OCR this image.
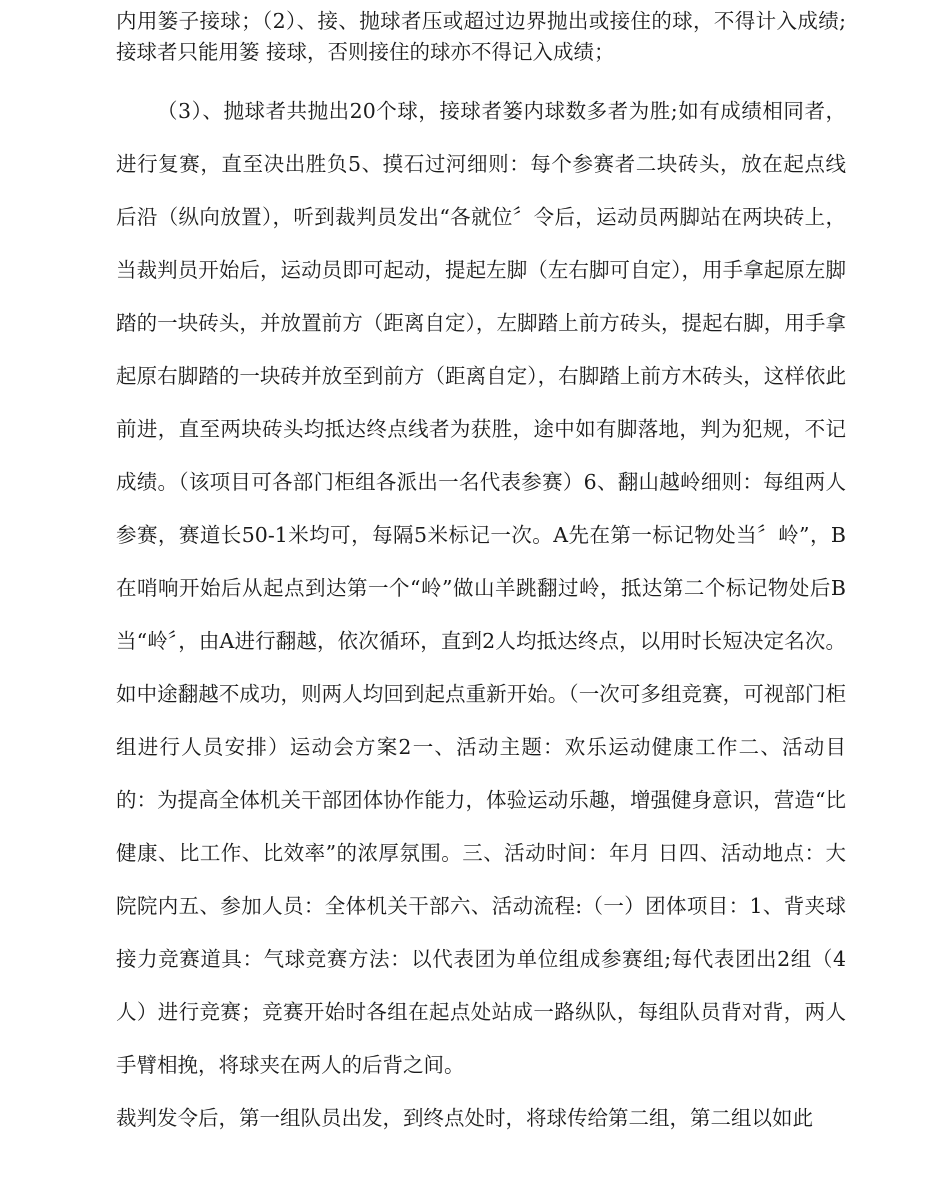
内用篓子接球；（2）、接、抛球者压或超过边界抛出或接住的球，不得计入成绩;接球者只能用篓 接球，否则接住的球亦不得记入成绩；

（3）、抛球者共抛出20个球，接球者篓内球数多者为胜;如有成绩相同者，进行复赛，直至决出胜负5、摸石过河细则：每个参赛者二块砖头，放在起点线后沿（纵向放置），听到裁判员发出“各就位〞令后，运动员两脚站在两块砖上，当裁判员开始后，运动员即可起动，提起左脚（左右脚可自定），用手拿起原左脚踏的一块砖头，并放置前方（距离自定），左脚踏上前方砖头，提起右脚，用手拿起原右脚踏的一块砖并放至到前方（距离自定），右脚踏上前方木砖头，这样依此前进，直至两块砖头均抵达终点线者为获胜，途中如有脚落地，判为犯规，不记成绩。（该项目可各部门柜组各派出一名代表参赛）6、翻山越岭细则：每组两人参赛，赛道长50-1米均可，每隔5米标记一次。A先在第一标记物处当〞岭”，B在哨响开始后从起点到达第一个“岭”做山羊跳翻过岭，抵达第二个标记物处后B当“岭〞，由A进行翻越，依次循环，直到2人均抵达终点，以用时长短决定名次。如中途翻越不成功，则两人均回到起点重新开始。（一次可多组竞赛，可视部门柜组进行人员安排）运动会方案2一、活动主题：欢乐运动健康工作二、活动目的：为提高全体机关干部团体协作能力，体验运动乐趣，增强健身意识，营造“比健康、比工作、比效率”的浓厚氛围。三、活动时间：年月 日四、活动地点：大院院内五、参加人员：全体机关干部六、活动流程:（一）团体项目：1、背夹球接力竞赛道具：气球竞赛方法：以代表团为单位组成参赛组;每代表团出2组（4人）进行竞赛；竞赛开始时各组在起点处站成一路纵队，每组队员背对背，两人手臂相挽，将球夹在两人的后背之间。

裁判发令后，第一组队员出发，到终点处时，将球传给第二组，第二组以如此
